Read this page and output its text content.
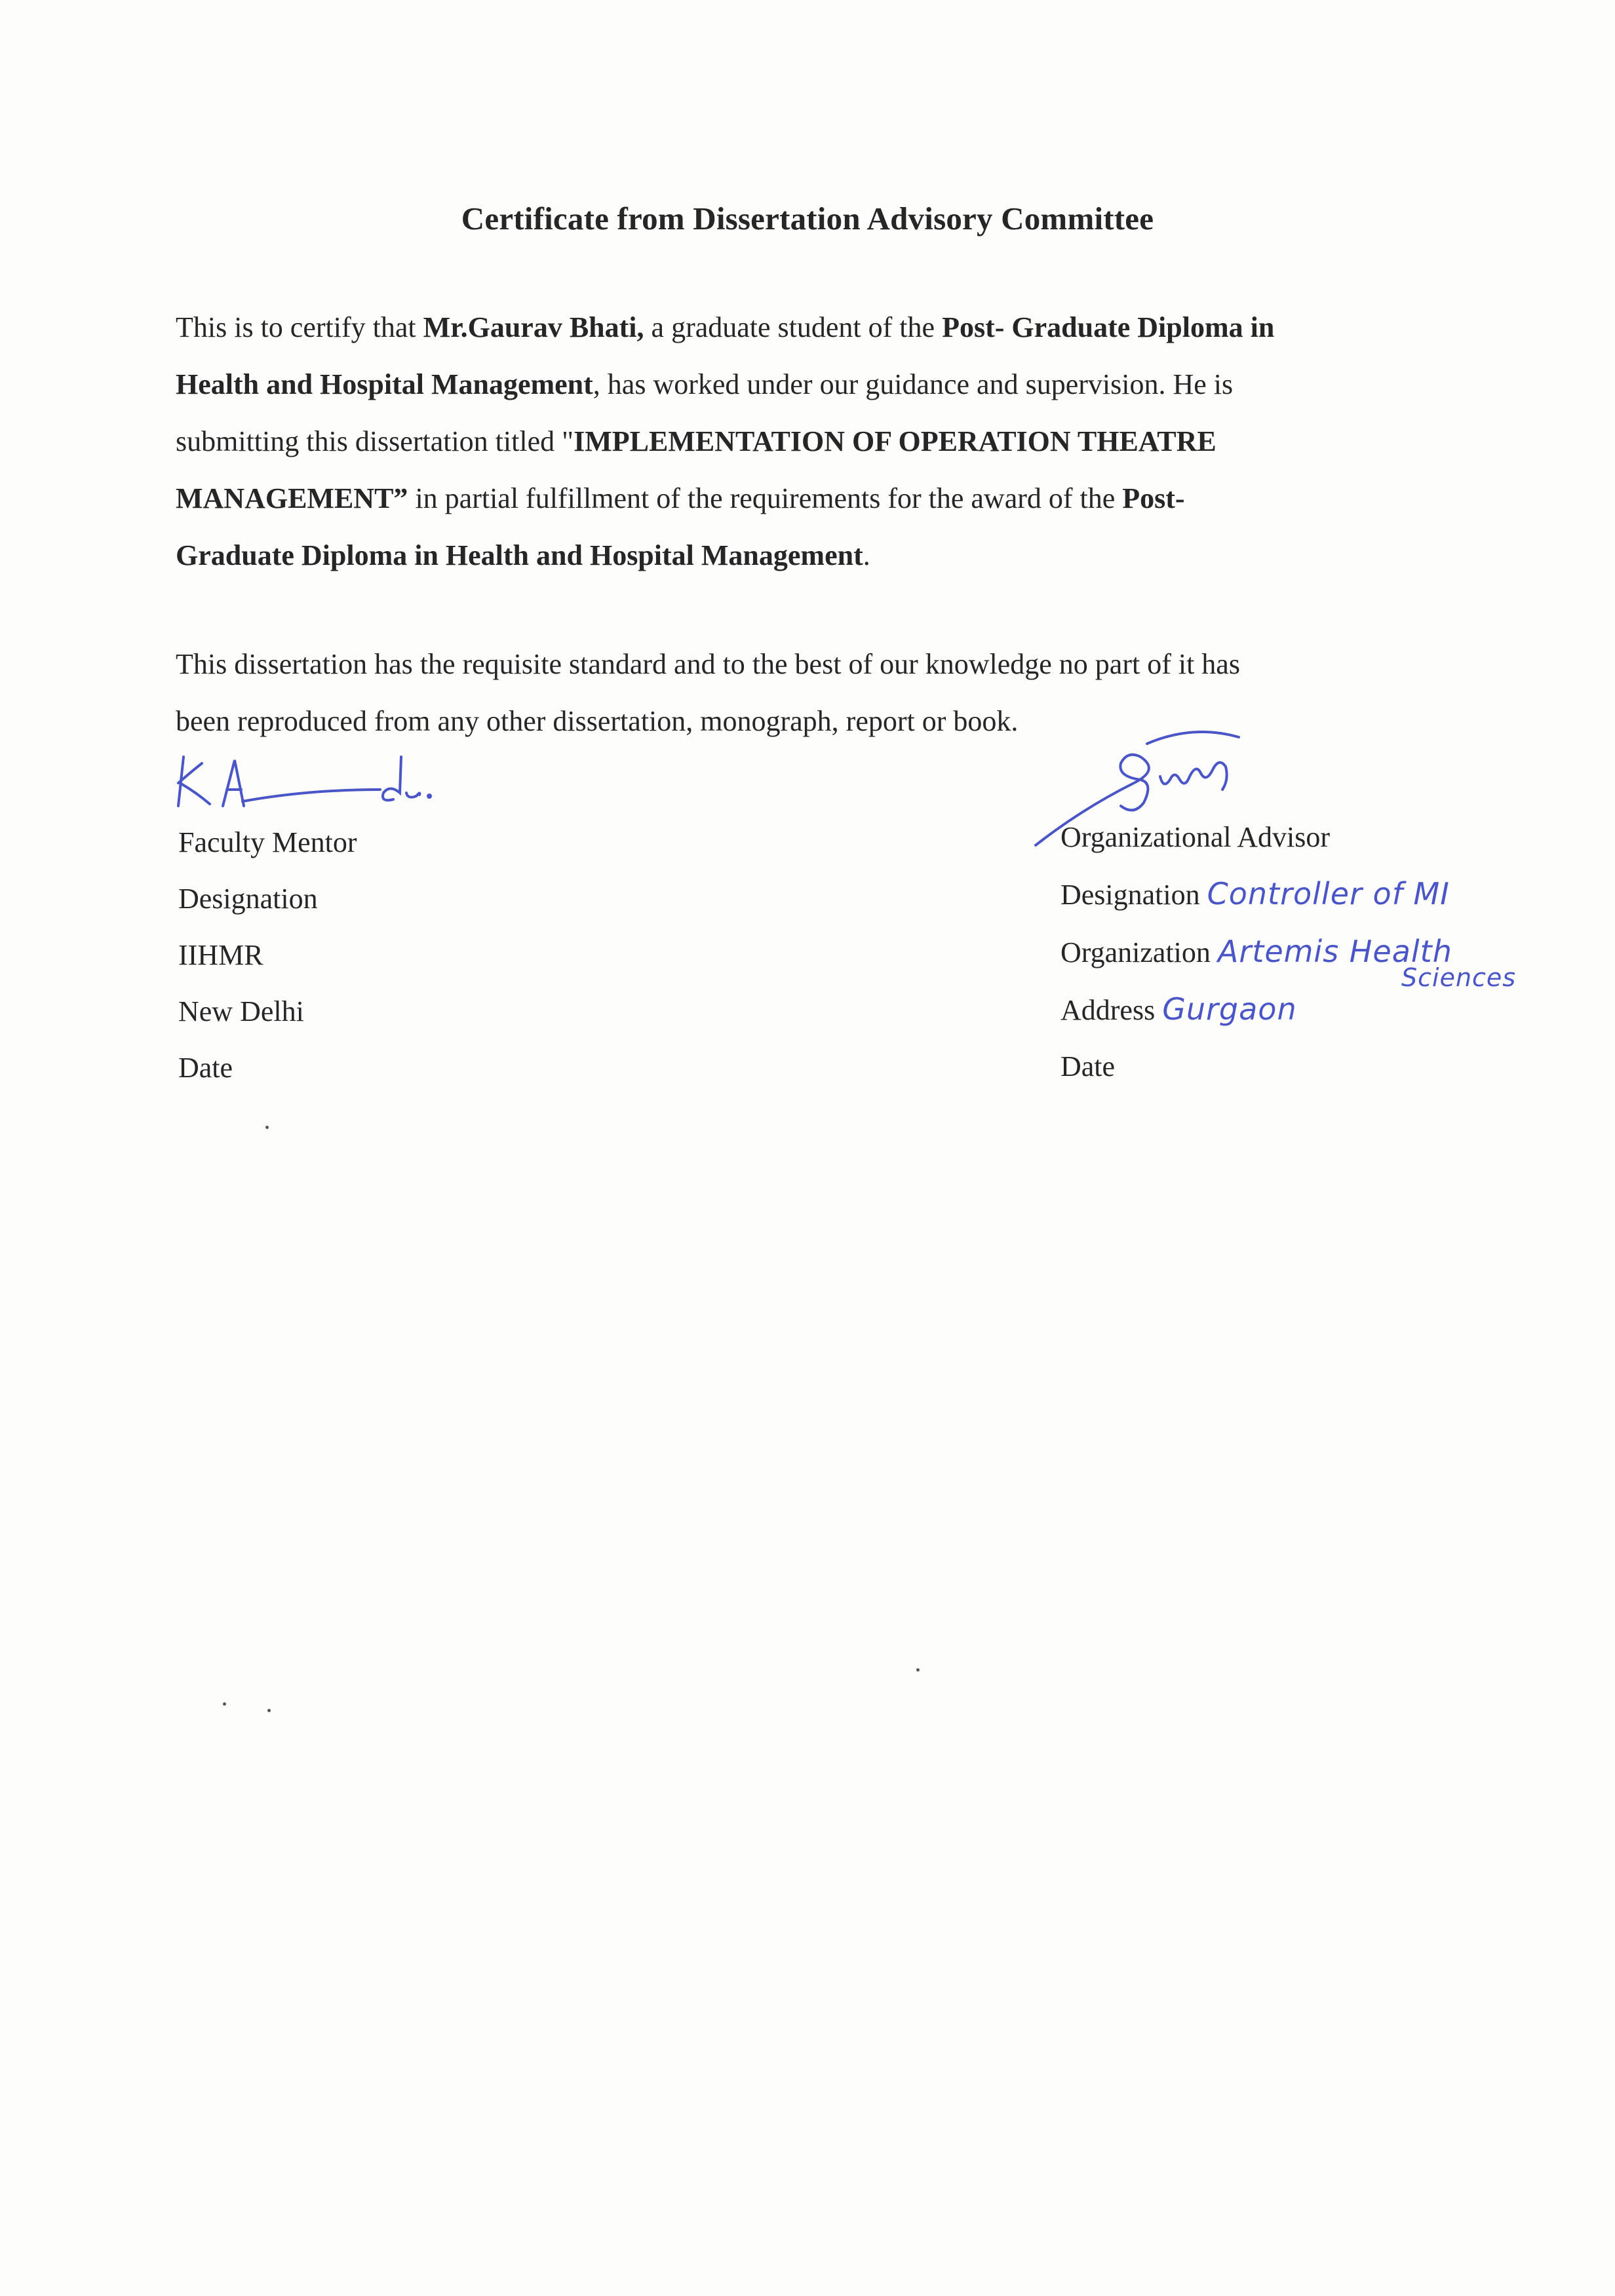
Certificate from Dissertation Advisory Committee
This is to certify that Mr.Gaurav Bhati, a graduate student of the Post- Graduate Diploma in
Health and Hospital Management, has worked under our guidance and supervision. He is
submitting this dissertation titled "IMPLEMENTATION OF OPERATION THEATRE
MANAGEMENT” in partial fulfillment of the requirements for the award of the Post-
Graduate Diploma in Health and Hospital Management.
This dissertation has the requisite standard and to the best of our knowledge no part of it has
been reproduced from any other dissertation, monograph, report or book.
Faculty Mentor
Designation
IIHMR
New Delhi
Date
Organizational Advisor
Designation Controller of MI
Organization Artemis Health
Sciences
Address Gurgaon
Date
